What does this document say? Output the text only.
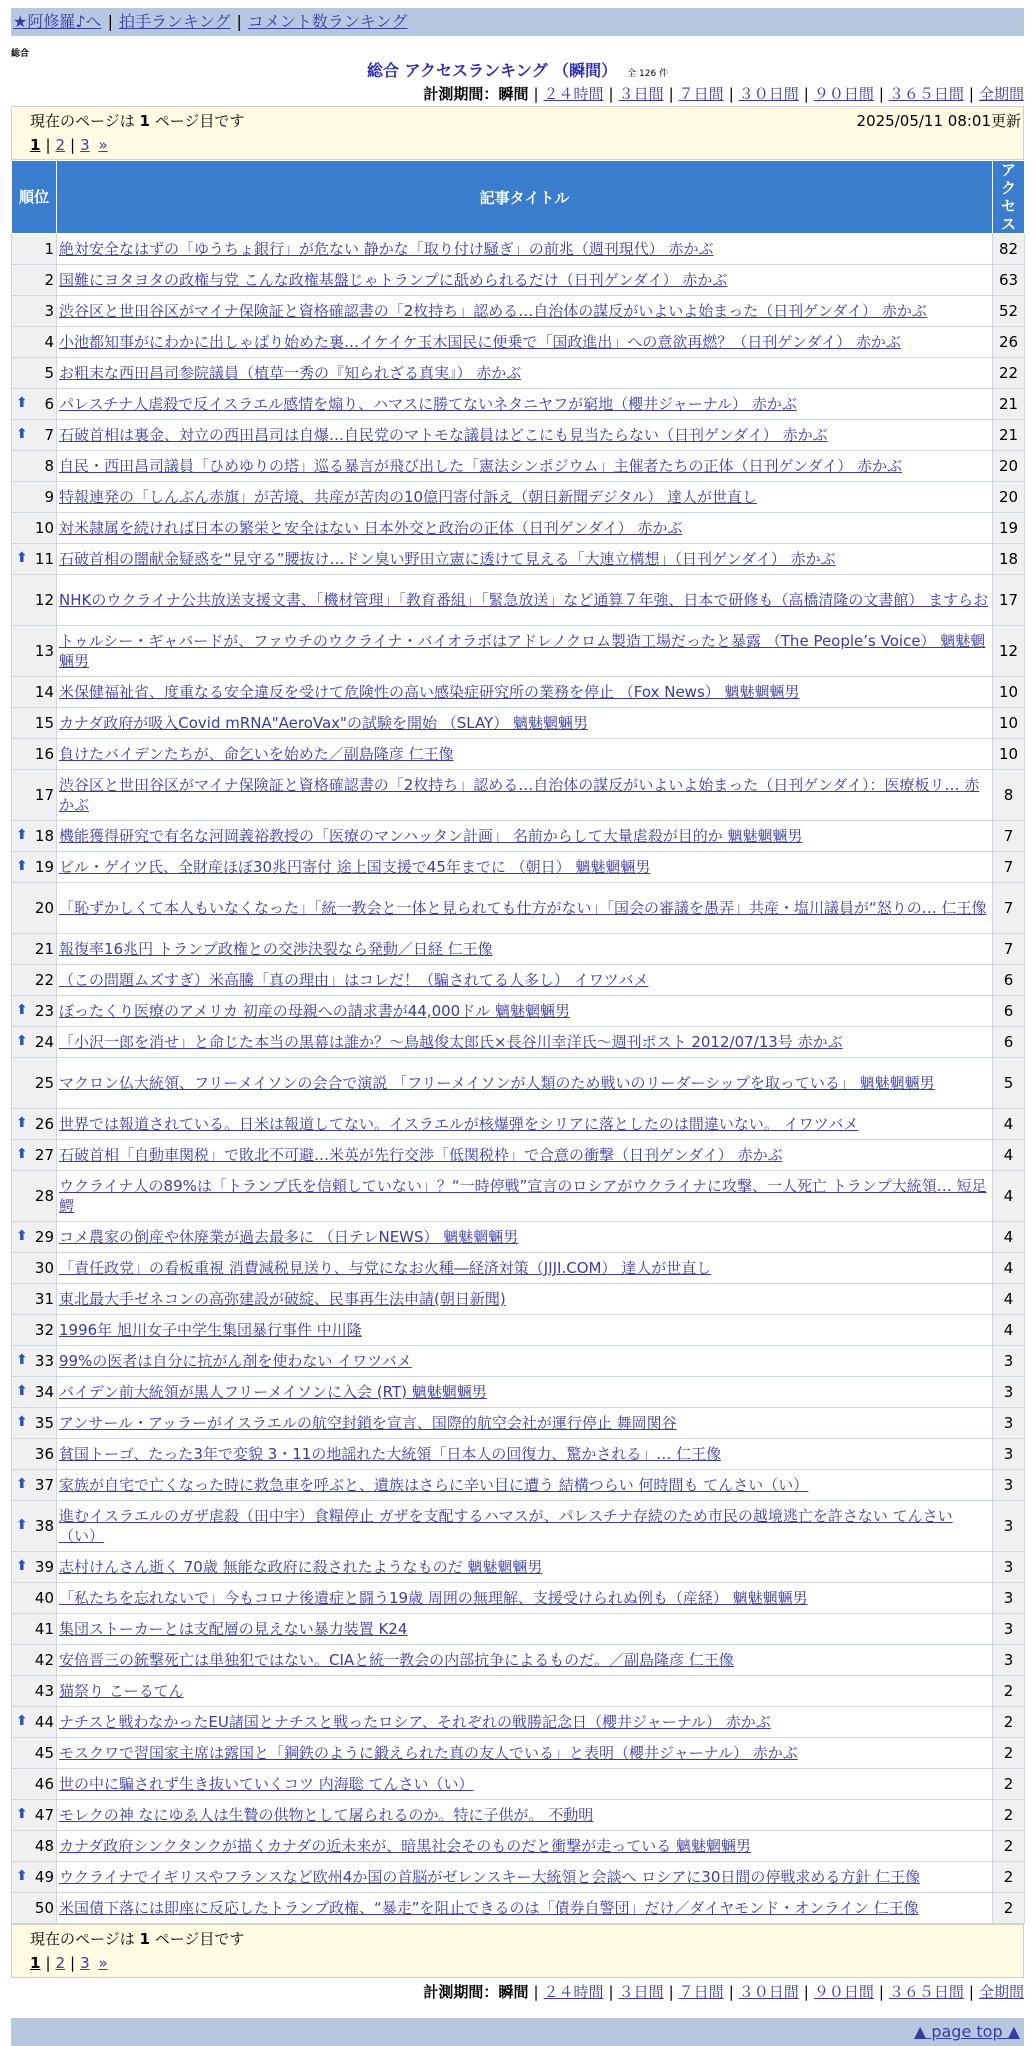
★阿修羅♪へ | 拍手ランキング | コメント数ランキング
総合
総合 アクセスランキング （瞬間） 全 126 件
計測期間：瞬間 | ２４時間 | ３日間 | ７日間 | ３０日間 | ９０日間 | ３６５日間 | 全期間
現在のページは 1 ページ目です	2025/05/11 08:01更新
1 | 2 | 3 »
順位	記事タイトル	アクセス
1	絶対安全なはずの「ゆうちょ銀行」が危ない 静かな「取り付け騒ぎ」の前兆（週刊現代） 赤かぶ	82
2	国難にヨタヨタの政権与党 こんな政権基盤じゃトランプに舐められるだけ（日刊ゲンダイ） 赤かぶ	63
3	渋谷区と世田谷区がマイナ保険証と資格確認書の「2枚持ち」認める…自治体の謀反がいよいよ始まった（日刊ゲンダイ） 赤かぶ	52
4	小池都知事がにわかに出しゃばり始めた裏…イケイケ玉木国民に便乗で「国政進出」への意欲再燃？（日刊ゲンダイ） 赤かぶ	26
5	お粗末な西田昌司参院議員（植草一秀の『知られざる真実』） 赤かぶ	22

⬆ 6	パレスチナ人虐殺で反イスラエル感情を煽り、ハマスに勝てないネタニヤフが窮地（櫻井ジャーナル） 赤かぶ	21

⬆ 7	石破首相は裏金、対立の西田昌司は自爆…自民党のマトモな議員はどこにも見当たらない（日刊ゲンダイ） 赤かぶ	21
8	自民・西田昌司議員「ひめゆりの塔」巡る暴言が飛び出した「憲法シンポジウム」主催者たちの正体（日刊ゲンダイ） 赤かぶ	20
9	特報連発の「しんぶん赤旗」が苦境、共産が苦肉の10億円寄付訴え（朝日新聞デジタル） 達人が世直し	20
10	対米隷属を続ければ日本の繁栄と安全はない 日本外交と政治の正体（日刊ゲンダイ） 赤かぶ	19

⬆ 11	石破首相の闇献金疑惑を“見守る”腰抜け…ドン臭い野田立憲に透けて見える「大連立構想」（日刊ゲンダイ） 赤かぶ	18
12	NHKのウクライナ公共放送支援文書、「機材管理」「教育番組」「緊急放送」など通算７年強、日本で研修も（高橋清隆の文書館） ますらお	17
13	トゥルシー・ギャバードが、ファウチのウクライナ・バイオラボはアドレノクロム製造工場だったと暴露 （The People’s Voice） 魑魅魍魎男	12
14	米保健福祉省、度重なる安全違反を受けて危険性の高い感染症研究所の業務を停止 （Fox News） 魑魅魍魎男	10
15	カナダ政府が吸入Covid mRNA"AeroVax"の試験を開始 （SLAY） 魑魅魍魎男	10
16	負けたバイデンたちが、命乞いを始めた／副島隆彦 仁王像	10
17	渋谷区と世田谷区がマイナ保険証と資格確認書の「2枚持ち」認める…自治体の謀反がいよいよ始まった（日刊ゲンダイ）：医療板リ… 赤かぶ	8

⬆ 18	機能獲得研究で有名な河岡義裕教授の「医療のマンハッタン計画」 名前からして大量虐殺が目的か 魑魅魍魎男	7

⬆ 19	ビル・ゲイツ氏、全財産ほぼ30兆円寄付 途上国支援で45年までに （朝日） 魑魅魍魎男	7
20	「恥ずかしくて本人もいなくなった」「統一教会と一体と見られても仕方がない」「国会の審議を愚弄」共産・塩川議員が“怒りの… 仁王像	7
21	報復率16兆円 トランプ政権との交渉決裂なら発動／日経 仁王像	7
22	（この問題ムズすぎ）米高騰「真の理由」はコレだ！（騙されてる人多し） イワツバメ	6

⬆ 23	ぼったくり医療のアメリカ 初産の母親への請求書が44,000ドル 魑魅魍魎男	6

⬆ 24	「小沢一郎を消せ」と命じた本当の黒幕は誰か？～鳥越俊太郎氏×長谷川幸洋氏～週刊ポスト 2012/07/13号 赤かぶ	6
25	マクロン仏大統領、フリーメイソンの会合で演説 「フリーメイソンが人類のため戦いのリーダーシップを取っている」 魑魅魍魎男	5

⬆ 26	世界では報道されている。日米は報道してない。イスラエルが核爆弾をシリアに落としたのは間違いない。 イワツバメ	4

⬆ 27	石破首相「自動車関税」で敗北不可避…米英が先行交渉「低関税枠」で合意の衝撃（日刊ゲンダイ） 赤かぶ	4
28	ウクライナ人の89%は「トランプ氏を信頼していない」？“一時停戦”宣言のロシアがウクライナに攻撃、一人死亡 トランプ大統領… 短足鰐	4

⬆ 29	コメ農家の倒産や休廃業が過去最多に （日テレNEWS） 魑魅魍魎男	4
30	「責任政党」の看板重視 消費減税見送り、与党になお火種―経済対策（JIJI.COM） 達人が世直し	4
31	東北最大手ゼネコンの高弥建設が破綻、民事再生法申請(朝日新聞)	4
32	1996年 旭川女子中学生集団暴行事件 中川隆	4

⬆ 33	99%の医者は自分に抗がん剤を使わない イワツバメ	3

⬆ 34	バイデン前大統領が黒人フリーメイソンに入会 (RT) 魑魅魍魎男	3

⬆ 35	アンサール・アッラーがイスラエルの航空封鎖を宣言、国際的航空会社が運行停止 舞岡関谷	3
36	貧国トーゴ、たった3年で変貌 3・11の地謡れた大統領「日本人の回復力、驚かされる」… 仁王像	3

⬆ 37	家族が自宅で亡くなった時に救急車を呼ぶと、遺族はさらに辛い目に遭う 結構つらい 何時間も てんさい（い）	3

⬆ 38	進むイスラエルのガザ虐殺（田中宇）食糧停止 ガザを支配するハマスが、パレスチナ存続のため市民の越境逃亡を許さない てんさい（い）	3

⬆ 39	志村けんさん逝く 70歳 無能な政府に殺されたようなものだ 魑魅魍魎男	3
40	「私たちを忘れないで」今もコロナ後遺症と闘う19歳 周囲の無理解、支援受けられぬ例も（産経） 魑魅魍魎男	3
41	集団ストーカーとは支配層の見えない暴力装置 K24	3
42	安倍晋三の銃撃死亡は単独犯ではない。CIAと統一教会の内部抗争によるものだ。／副島隆彦 仁王像	3
43	猫祭り こーるてん	2

⬆ 44	ナチスと戦わなかったEU諸国とナチスと戦ったロシア、それぞれの戦勝記念日（櫻井ジャーナル） 赤かぶ	2
45	モスクワで習国家主席は露国と「鋼鉄のように鍛えられた真の友人でいる」と表明（櫻井ジャーナル） 赤かぶ	2
46	世の中に騙されず生き抜いていくコツ 内海聡 てんさい（い）	2

⬆ 47	モレクの神 なにゆゑ人は生贄の供物として屠られるのか。特に子供が。 不動明	2
48	カナダ政府シンクタンクが描くカナダの近未来が、暗黒社会そのものだと衝撃が走っている 魑魅魍魎男	2

⬆ 49	ウクライナでイギリスやフランスなど欧州4か国の首脳がゼレンスキー大統領と会談へ ロシアに30日間の停戦求める方針 仁王像	2
50	米国債下落には即座に反応したトランプ政権、“暴走”を阻止できるのは「債券自警団」だけ／ダイヤモンド・オンライン 仁王像	2
現在のページは 1 ページ目です
1 | 2 | 3 »
計測期間：瞬間 | ２４時間 | ３日間 | ７日間 | ３０日間 | ９０日間 | ３６５日間 | 全期間
▲ page top ▲
